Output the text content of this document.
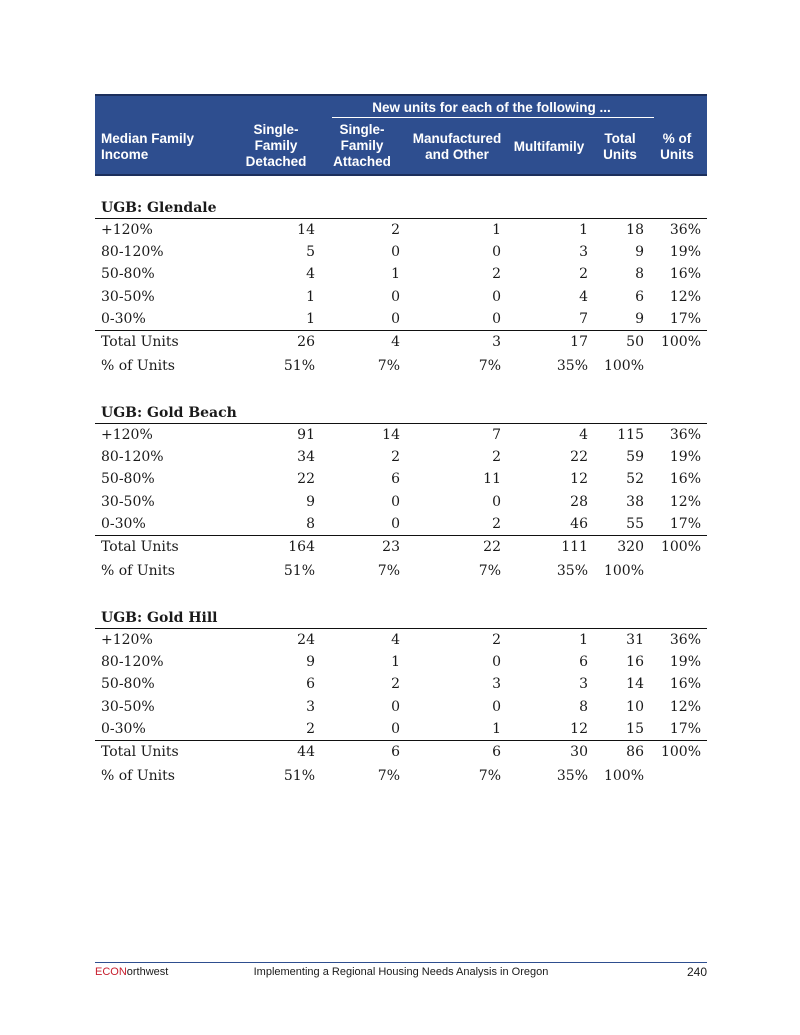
New units for each of the following ...
Median Family
Income
Single-
Family
Detached
Single-
Family
Attached
Manufactured
and Other
Multifamily
Total
Units
% of
Units
UGB: Glendale
+120%	14	2	1	1	18 36%
80-120%	5	0	0	3	9 19%
50-80%	4	1	2	2	8 16%
30-50%	1	0	0	4	6 12%
0-30%	1	0	0	7	9 17%
Total Units	26	4	3	17	50 100%
% of Units	51%	7%	7%	35% 100%
UGB: Gold Beach
+120%	91	14	7	4 115 36%
80-120%	34	2	2	22	59 19%
50-80%	22	6	11	12	52 16%
30-50%	9	0	0	28	38 12%
0-30%	8	0	2	46	55 17%
Total Units	164	23	22	111 320 100%
% of Units	51%	7%	7%	35% 100%
UGB: Gold Hill
+120%	24	4	2	1	31 36%
80-120%	9	1	0	6	16 19%
50-80%	6	2	3	3	14 16%
30-50%	3	0	0	8	10 12%
0-30%	2	0	1	12	15 17%
Total Units	44	6	6	30	86 100%
% of Units	51%	7%	7%	35% 100%
ECONorthwest	Implementing a Regional Housing Needs Analysis in Oregon	240
